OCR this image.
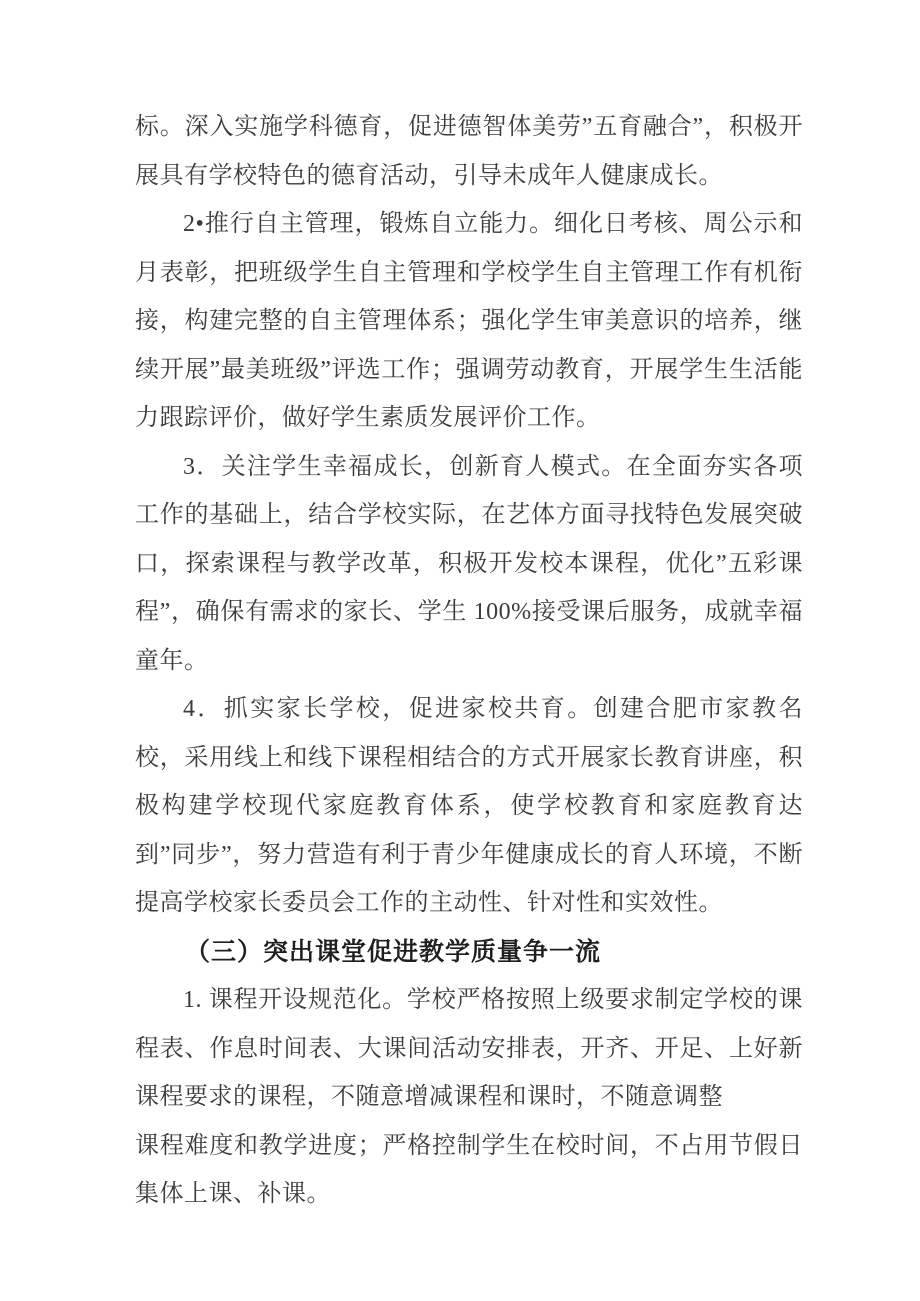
标。深入实施学科德育，促进德智体美劳”五育融合”，积极开展具有学校特色的德育活动，引导未成年人健康成长。

2•推行自主管理，锻炼自立能力。细化日考核、周公示和月表彰，把班级学生自主管理和学校学生自主管理工作有机衔接，构建完整的自主管理体系；强化学生审美意识的培养，继续开展”最美班级”评选工作；强调劳动教育，开展学生生活能力跟踪评价，做好学生素质发展评价工作。

3．关注学生幸福成长，创新育人模式。在全面夯实各项工作的基础上，结合学校实际，在艺体方面寻找特色发展突破口，探索课程与教学改革，积极开发校本课程，优化”五彩课程”，确保有需求的家长、学生 100%接受课后服务，成就幸福童年。

4．抓实家长学校，促进家校共育。创建合肥市家教名校，采用线上和线下课程相结合的方式开展家长教育讲座，积极构建学校现代家庭教育体系，使学校教育和家庭教育达到”同步”，努力营造有利于青少年健康成长的育人环境，不断提高学校家长委员会工作的主动性、针对性和实效性。

（三）突出课堂促进教学质量争一流

1. 课程开设规范化。学校严格按照上级要求制定学校的课程表、作息时间表、大课间活动安排表，开齐、开足、上好新课程要求的课程，不随意增减课程和课时，不随意调整

课程难度和教学进度；严格控制学生在校时间，不占用节假日集体上课、补课。
